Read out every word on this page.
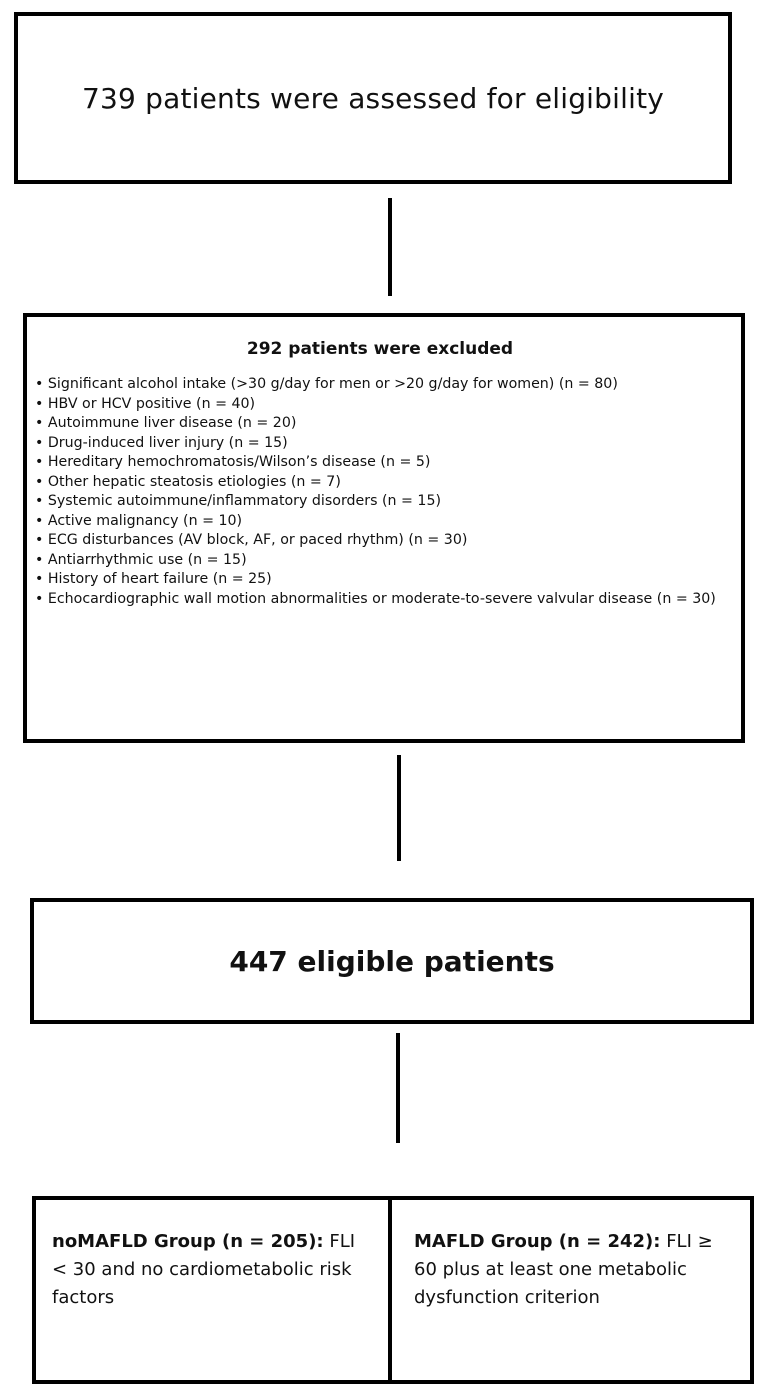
739 patients were assessed for eligibility
292 patients were excluded
• Significant alcohol intake (>30 g/day for men or >20 g/day for women) (n = 80)
• HBV or HCV positive (n = 40)
• Autoimmune liver disease (n = 20)
• Drug-induced liver injury (n = 15)
• Hereditary hemochromatosis/Wilson’s disease (n = 5)
• Other hepatic steatosis etiologies (n = 7)
• Systemic autoimmune/inflammatory disorders (n = 15)
• Active malignancy (n = 10)
• ECG disturbances (AV block, AF, or paced rhythm) (n = 30)
• Antiarrhythmic use (n = 15)
• History of heart failure (n = 25)
• Echocardiographic wall motion abnormalities or moderate-to-severe valvular disease (n = 30)
447 eligible patients
noMAFLD Group (n = 205): FLI < 30 and no cardiometabolic risk factors
MAFLD Group (n = 242): FLI ≥ 60 plus at least one metabolic dysfunction criterion
